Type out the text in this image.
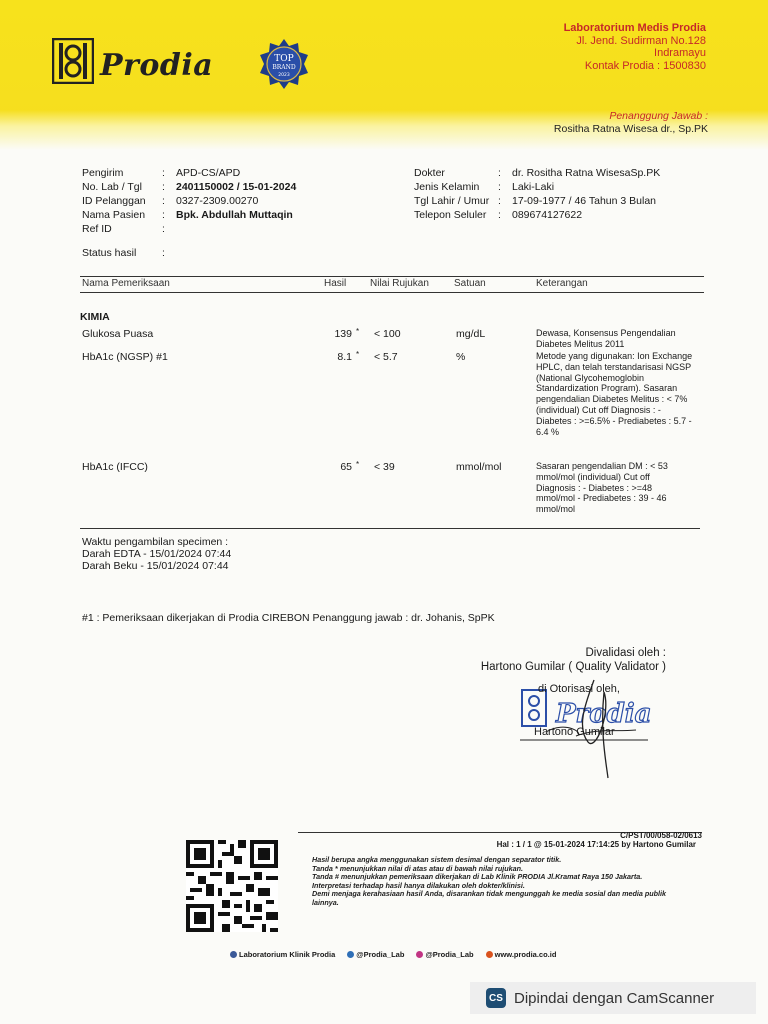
Prodia	TOP
BRAND
2023
Laboratorium Medis Prodia
Jl. Jend. Sudirman No.128
Indramayu
Kontak Prodia : 1500830
Penanggung Jawab :
Rositha Ratna Wisesa dr., Sp.PK
Pengirim	:	APD-CS/APD
No. Lab / Tgl	:	2401150002 / 15-01-2024
ID Pelanggan	:	0327-2309.00270
Nama Pasien	:	Bpk. Abdullah Muttaqin
Ref ID	:
Status hasil	:
Dokter	:	dr. Rositha Ratna WisesaSp.PK
Jenis Kelamin	:	Laki-Laki
Tgl Lahir / Umur :	17-09-1977 / 46 Tahun 3 Bulan
Telepon Seluler	:	089674127622
Nama Pemeriksaan	Hasil Nilai Rujukan	Satuan	Keterangan
KIMIA
Glukosa Puasa	139 * < 100	mg/dL	Dewasa, Konsensus Pengendalian Diabetes Melitus 2011
HbA1c (NGSP) #1	8.1 * < 5.7	%	Metode yang digunakan: Ion Exchange HPLC, dan telah terstandarisasi NGSP (National Glycohemoglobin Standardization Program). Sasaran pengendalian Diabetes Melitus : < 7% (individual) Cut off Diagnosis : - Diabetes : >=6.5% - Prediabetes : 5.7 - 6.4 %
HbA1c (IFCC)	65 * < 39	mmol/mol	Sasaran pengendalian DM : < 53 mmol/mol (individual) Cut off Diagnosis : - Diabetes : >=48 mmol/mol - Prediabetes : 39 - 46 mmol/mol
Waktu pengambilan specimen :
Darah EDTA - 15/01/2024 07:44
Darah Beku - 15/01/2024 07:44
#1 : Pemeriksaan dikerjakan di Prodia CIREBON Penanggung jawab : dr. Johanis, SpPK
Divalidasi oleh :
Hartono Gumilar ( Quality Validator )
Prodia
di Otorisasi oleh,
Hartono Gumilar
C/PST/00/058-02/0613
Hal : 1 / 1 @ 15-01-2024 17:14:25 by Hartono Gumilar
Hasil berupa angka menggunakan sistem desimal dengan separator titik.
Tanda * menunjukkan nilai di atas atau di bawah nilai rujukan.
Tanda # menunjukkan pemeriksaan dikerjakan di Lab Klinik PRODIA Jl.Kramat Raya 150 Jakarta.
Interpretasi terhadap hasil hanya dilakukan oleh dokter/klinisi.
Demi menjaga kerahasiaan hasil Anda, disarankan tidak mengunggah ke media sosial dan media publik lainnya.
Laboratorium Klinik Prodia	@Prodia_Lab	@Prodia_Lab	www.prodia.co.id
CS Dipindai dengan CamScanner
